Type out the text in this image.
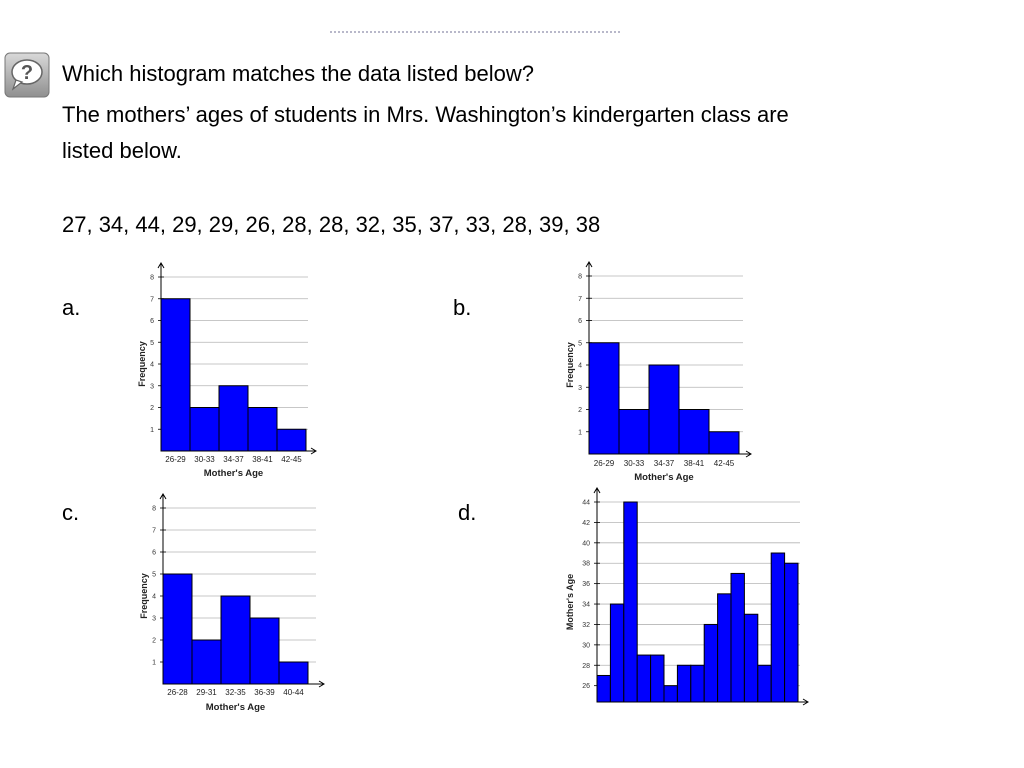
? Which histogram matches the data listed below?
The mothers’ ages of students in Mrs. Washington’s kindergarten class are
listed below.
27, 34, 44, 29, 29, 26, 28, 28, 32, 35, 37, 33, 28, 39, 38
a.	b.
c.	d.
1
2
3
4
5
6
7
8
26-29 30-33 34-37 38-41 42-45
Mother's Age
Frequency
1
2
3
4
5
6
7
8
26-29 30-33 34-37 38-41 42-45
Mother's Age
Frequency
1
2
3
4
5
6
7
8
26-28 29-31 32-35 36-39 40-44
Mother's Age
Frequency
26
28
30
32
34
36
38
40
42
44
Mother's Age
